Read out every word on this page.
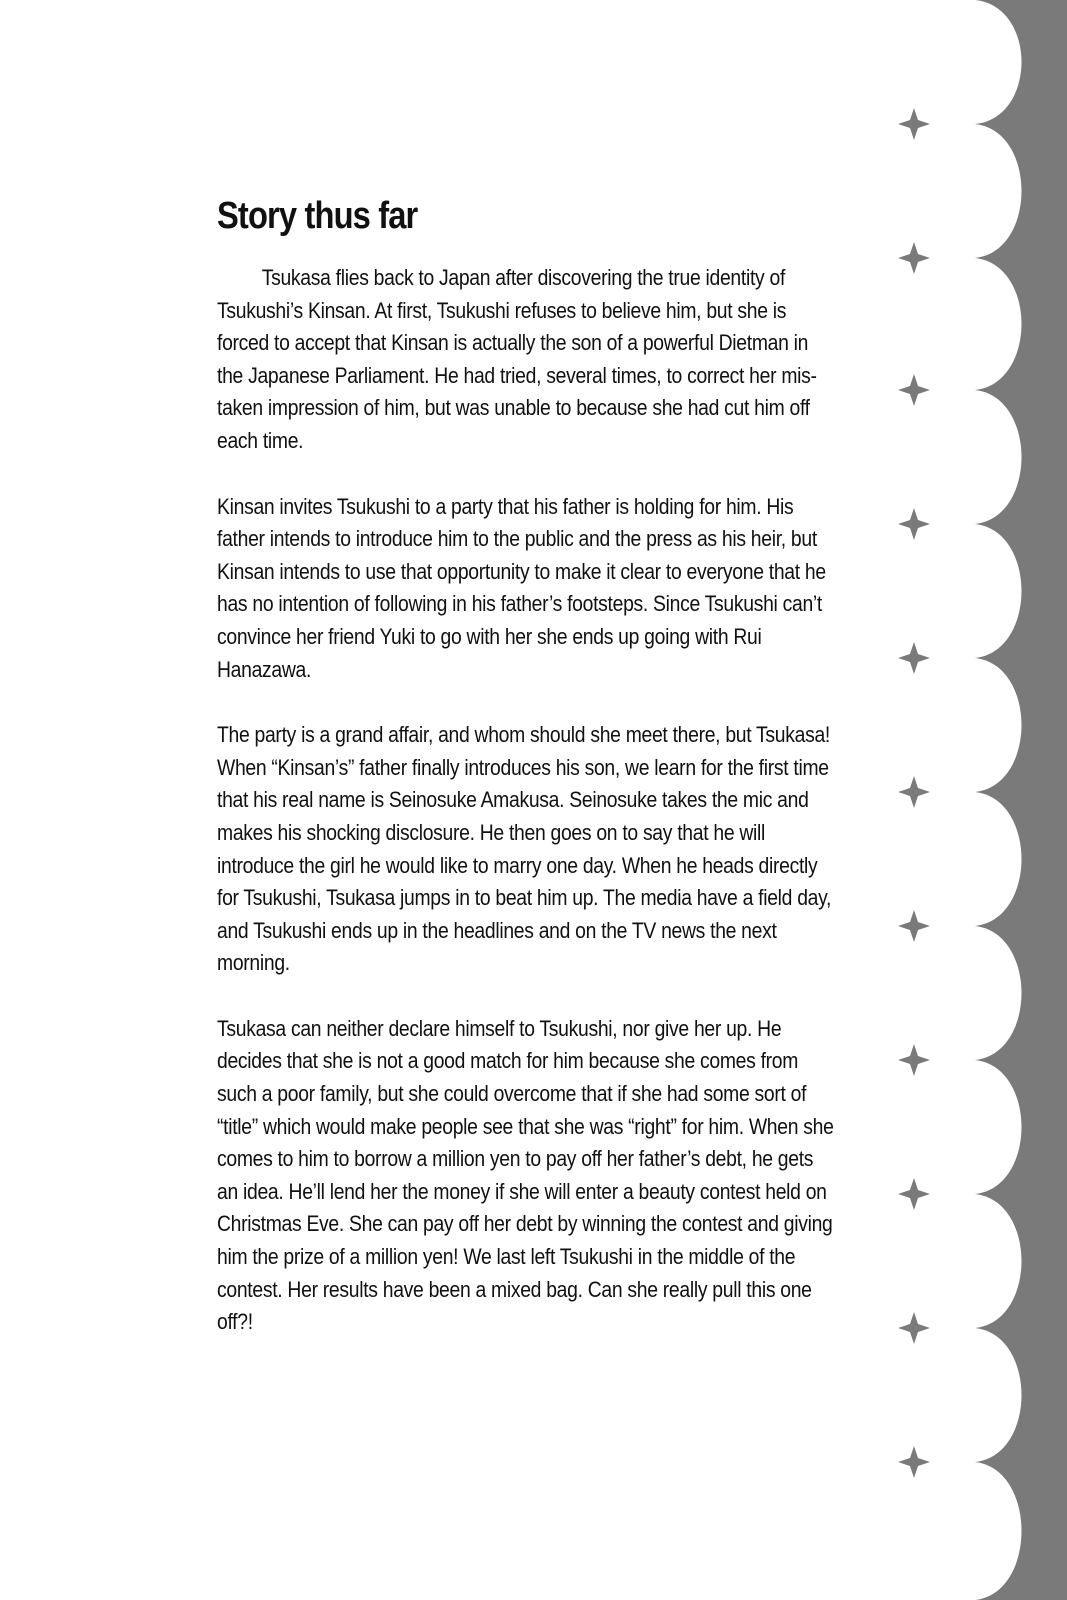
Story thus far

Tsukasa flies back to Japan after discovering the true identity of Tsukushi’s Kinsan. At first, Tsukushi refuses to believe him, but she is forced to accept that Kinsan is actually the son of a powerful Dietman in the Japanese Parliament. He had tried, several times, to correct her mis-taken impression of him, but was unable to because she had cut him off each time.

Kinsan invites Tsukushi to a party that his father is holding for him. His father intends to introduce him to the public and the press as his heir, but Kinsan intends to use that opportunity to make it clear to everyone that he has no intention of following in his father’s footsteps. Since Tsukushi can’t convince her friend Yuki to go with her she ends up going with Rui Hanazawa.

The party is a grand affair, and whom should she meet there, but Tsukasa! When “Kinsan’s” father finally introduces his son, we learn for the first time that his real name is Seinosuke Amakusa. Seinosuke takes the mic and makes his shocking disclosure. He then goes on to say that he will introduce the girl he would like to marry one day. When he heads directly for Tsukushi, Tsukasa jumps in to beat him up. The media have a field day, and Tsukushi ends up in the headlines and on the TV news the next morning.

Tsukasa can neither declare himself to Tsukushi, nor give her up. He decides that she is not a good match for him because she comes from such a poor family, but she could overcome that if she had some sort of “title” which would make people see that she was “right” for him. When she comes to him to borrow a million yen to pay off her father’s debt, he gets an idea. He’ll lend her the money if she will enter a beauty contest held on Christmas Eve. She can pay off her debt by winning the contest and giving him the prize of a million yen! We last left Tsukushi in the middle of the contest. Her results have been a mixed bag. Can she really pull this one off?!
